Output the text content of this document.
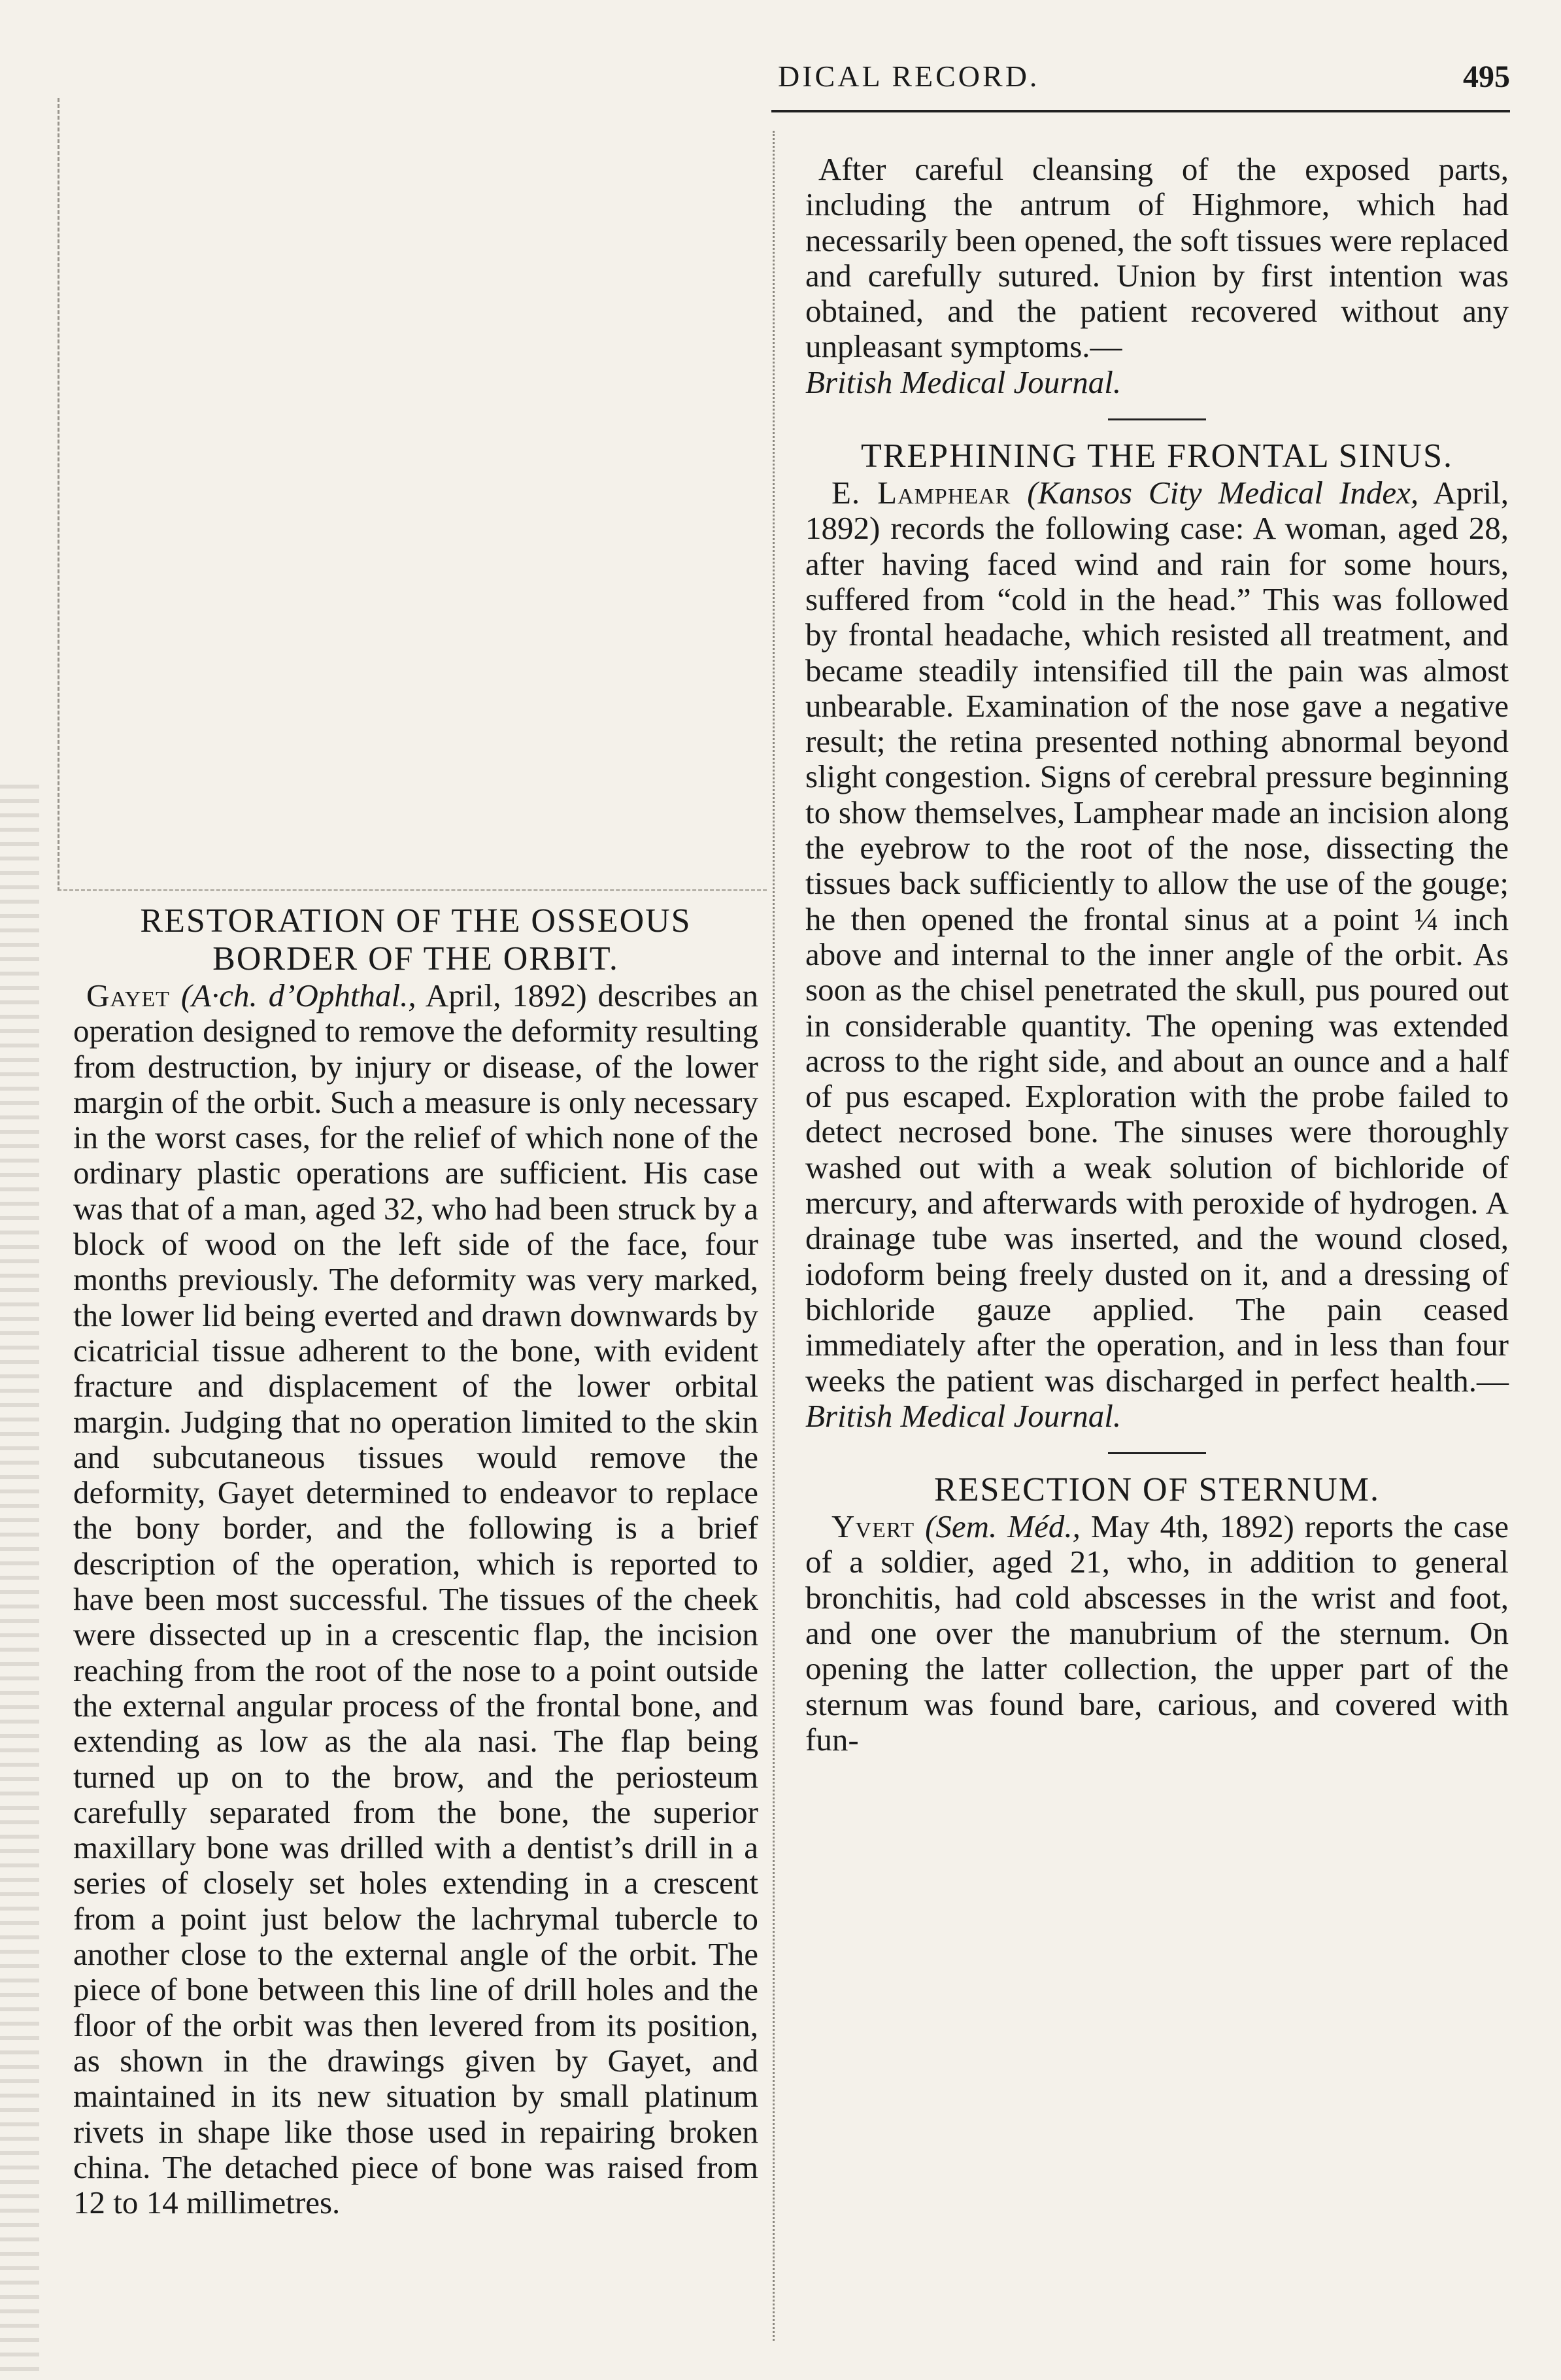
DICAL RECORD.	495
RESTORATION OF THE OSSEOUS
BORDER OF THE ORBIT.

Gayet (A·ch. d’Ophthal., April, 1892) describes an operation designed to remove the deformity resulting from destruction, by injury or disease, of the lower margin of the orbit. Such a measure is only necessary in the worst cases, for the relief of which none of the ordinary plastic operations are sufficient. His case was that of a man, aged 32, who had been struck by a block of wood on the left side of the face, four months previously. The deformity was very marked, the lower lid being everted and drawn downwards by cicatricial tissue adherent to the bone, with evident fracture and displacement of the lower orbital margin. Judging that no operation limited to the skin and subcutaneous tissues would remove the deformity, Gayet determined to endeavor to replace the bony border, and the following is a brief description of the operation, which is reported to have been most successful. The tissues of the cheek were dissected up in a crescentic flap, the incision reaching from the root of the nose to a point outside the external angular process of the frontal bone, and extending as low as the ala nasi. The flap being turned up on to the brow, and the periosteum carefully separated from the bone, the superior maxillary bone was drilled with a dentist’s drill in a series of closely set holes extending in a crescent from a point just below the lachrymal tubercle to another close to the external angle of the orbit. The piece of bone between this line of drill holes and the floor of the orbit was then levered from its position, as shown in the drawings given by Gayet, and maintained in its new situation by small platinum rivets in shape like those used in repairing broken china. The detached piece of bone was raised from 12 to 14 millimetres.

After careful cleansing of the exposed parts, including the antrum of Highmore, which had necessarily been opened, the soft tissues were replaced and carefully sutured. Union by first intention was obtained, and the patient recovered without any unpleasant symptoms.—
British Medical Journal.

TREPHINING THE FRONTAL SINUS.

E. Lamphear (Kansos City Medical Index, April, 1892) records the following case: A woman, aged 28, after having faced wind and rain for some hours, suffered from “cold in the head.” This was followed by frontal headache, which resisted all treatment, and became steadily intensified till the pain was almost unbearable. Examination of the nose gave a negative result; the retina presented nothing abnormal beyond slight congestion. Signs of cerebral pressure beginning to show themselves, Lamphear made an incision along the eyebrow to the root of the nose, dissecting the tissues back sufficiently to allow the use of the gouge; he then opened the frontal sinus at a point ¼ inch above and internal to the inner angle of the orbit. As soon as the chisel penetrated the skull, pus poured out in considerable quantity. The opening was extended across to the right side, and about an ounce and a half of pus escaped. Exploration with the probe failed to detect necrosed bone. The sinuses were thoroughly washed out with a weak solution of bichloride of mercury, and afterwards with peroxide of hydrogen. A drainage tube was inserted, and the wound closed, iodoform being freely dusted on it, and a dressing of bichloride gauze applied. The pain ceased immediately after the operation, and in less than four weeks the patient was discharged in perfect health.—British Medical Journal.

RESECTION OF STERNUM.

Yvert (Sem. Méd., May 4th, 1892) reports the case of a soldier, aged 21, who, in addition to general bronchitis, had cold abscesses in the wrist and foot, and one over the manubrium of the sternum. On opening the latter collection, the upper part of the sternum was found bare, carious, and covered with fun-
